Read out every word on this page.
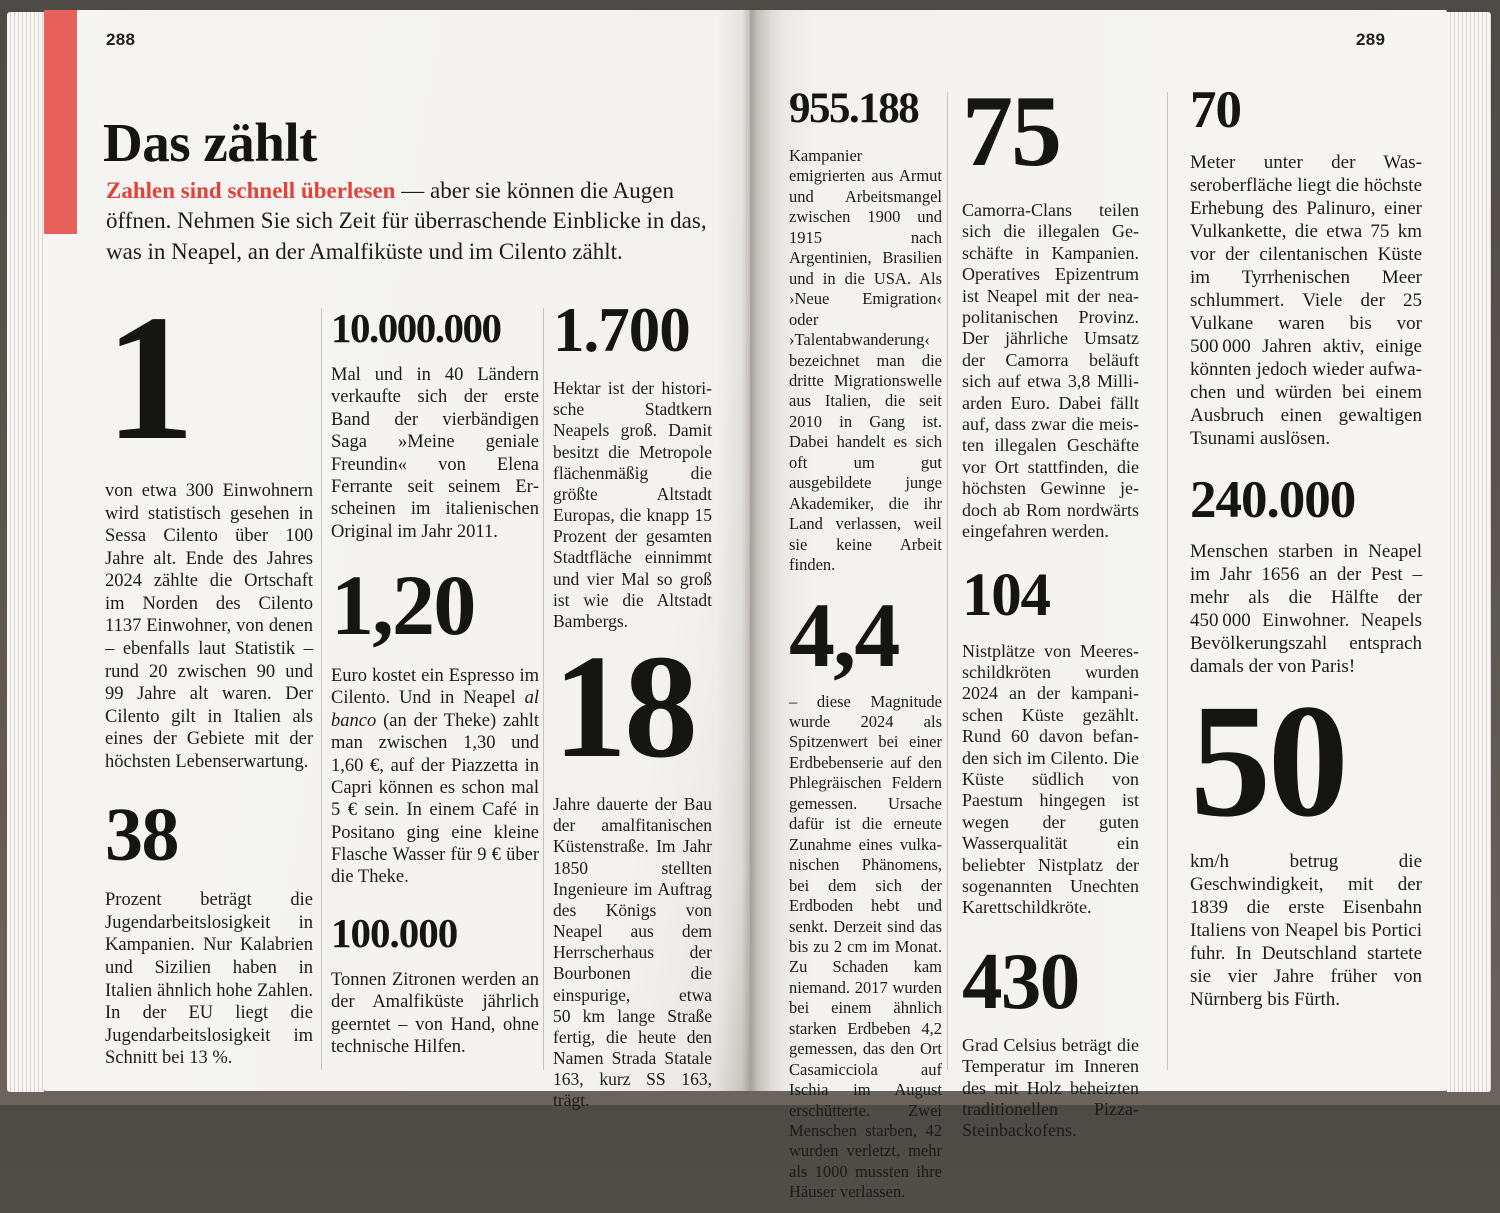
288
Das zählt

Zahlen sind schnell überlesen — aber sie können die Augen öffnen. Nehmen Sie sich Zeit für überraschende Einblicke in das, was in Neapel, an der Amalfiküste und im Cilento zählt.

1

von etwa 300 Einwohnern wird statistisch gesehen in Sessa Cilento über 100 Jahre alt. Ende des Jahres 2024 zählte die Ortschaft im Norden des Cilento 1137 Einwohner, von denen – ebenfalls laut Statistik – rund 20 zwischen 90 und 99 Jahre alt waren. Der Cilento gilt in Italien als eines der Gebiete mit der höchsten Lebenserwartung.

38

Prozent beträgt die Jugendarbeitslosigkeit in Kampanien. Nur Kalabrien und Sizilien haben in Italien ähnlich hohe Zahlen. In der EU liegt die Jugendarbeitslosigkeit im Schnitt bei 13 %.

10.000.000

Mal und in 40 Ländern verkaufte sich der erste Band der vierbändigen Saga »Meine geniale Freundin« von Elena Ferrante seit seinem Erscheinen im italienischen Original im Jahr 2011.

1,20

Euro kostet ein Espresso im Cilento. Und in Neapel al banco (an der Theke) zahlt man zwischen 1,30 und 1,60 €, auf der Piazzetta in Capri können es schon mal 5 € sein. In einem Café in Positano ging eine kleine Flasche Wasser für 9 € über die Theke.

100.000

Tonnen Zitronen werden an der Amalfiküste jährlich geerntet – von Hand, ohne technische Hilfen.

1.700

Hektar ist der historische Stadtkern Neapels groß. Damit besitzt die Metropole flächenmäßig die größte Altstadt Europas, die knapp 15 Prozent der gesamten Stadtfläche einnimmt und vier Mal so groß ist wie die Altstadt Bambergs.

18

Jahre dauerte der Bau der amalfitanischen Küstenstraße. Im Jahr 1850 stellten Ingenieure im Auftrag des Königs von Neapel aus dem Herrscherhaus der Bourbonen die einspurige, etwa 50 km lange Straße fertig, die heute den Namen Strada Statale 163, kurz SS 163, trägt.

289
955.188

Kampanier emigrierten aus Armut und Arbeitsmangel zwischen 1900 und 1915 nach Argentinien, Brasilien und in die USA. Als ›Neue Emigration‹ oder ›Talentabwanderung‹ bezeichnet man die dritte Migrationswelle aus Italien, die seit 2010 in Gang ist. Dabei handelt es sich oft um gut ausgebildete junge Akademiker, die ihr Land verlassen, weil sie keine Arbeit finden.

4,4

– diese Magnitude wurde 2024 als Spitzenwert bei einer Erdbebenserie auf den Phlegräischen Feldern gemessen. Ursache dafür ist die erneute Zunahme eines vulkanischen Phänomens, bei dem sich der Erdboden hebt und senkt. Derzeit sind das bis zu 2 cm im Monat. Zu Schaden kam niemand. 2017 wurden bei einem ähnlich starken Erdbeben 4,2 gemessen, das den Ort Casamicciola auf Ischia im August erschütterte. Zwei Menschen starben, 42 wurden verletzt, mehr als 1000 mussten ihre Häuser verlassen.

75

Camorra-Clans teilen sich die illegalen Geschäfte in Kampanien. Operatives Epizentrum ist Neapel mit der neapolitanischen Provinz. Der jährliche Umsatz der Camorra beläuft sich auf etwa 3,8 Milliarden Euro. Dabei fällt auf, dass zwar die meisten illegalen Geschäfte vor Ort stattfinden, die höchsten Gewinne jedoch ab Rom nordwärts eingefahren werden.

104

Nistplätze von Meeresschildkröten wurden 2024 an der kampanischen Küste gezählt. Rund 60 davon befanden sich im Cilento. Die Küste südlich von Paestum hingegen ist wegen der guten Wasserqualität ein beliebter Nistplatz der sogenannten Unechten Karettschildkröte.

430

Grad Celsius beträgt die Temperatur im Inneren des mit Holz beheizten traditionellen Pizza-Steinbackofens.

70

Meter unter der Wasseroberfläche liegt die höchste Erhebung des Palinuro, einer Vulkankette, die etwa 75 km vor der cilentanischen Küste im Tyrrhenischen Meer schlummert. Viele der 25 Vulkane waren bis vor 500 000 Jahren aktiv, einige könnten jedoch wieder aufwachen und würden bei einem Ausbruch einen gewaltigen Tsunami auslösen.

240.000

Menschen starben in Neapel im Jahr 1656 an der Pest – mehr als die Hälfte der 450 000 Einwohner. Neapels Bevölkerungszahl entsprach damals der von Paris!

50

km/h betrug die Geschwindigkeit, mit der 1839 die erste Eisenbahn Italiens von Neapel bis Portici fuhr. In Deutschland startete sie vier Jahre früher von Nürnberg bis Fürth.
